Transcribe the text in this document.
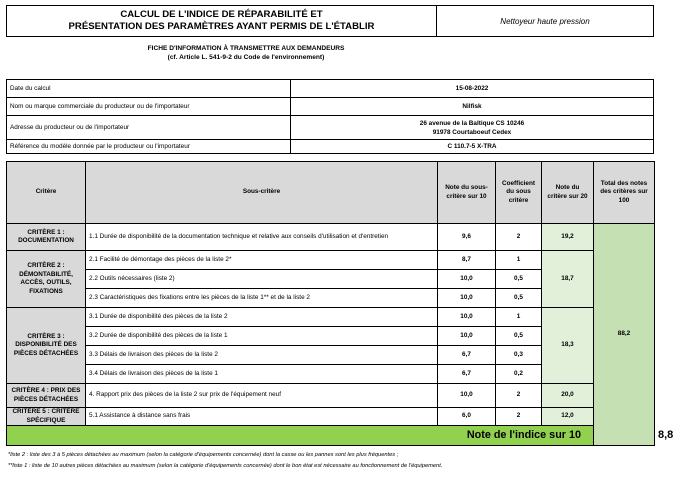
CALCUL DE L'INDICE DE RÉPARABILITÉ ET
PRÉSENTATION DES PARAMÈTRES AYANT PERMIS DE L'ÉTABLIR	Nettoyeur haute pression
FICHE D'INFORMATION À TRANSMETTRE AUX DEMANDEURS
(cf. Article L. 541-9-2 du Code de l'environnement)
Date du calcul	15-08-2022
Nom ou marque commerciale du producteur ou de l'importateur	Nilfisk
Adresse du producteur ou de l'importateur	26 avenue de la Baltique CS 10246
91978 Courtaboeuf Cedex

Référence du modèle donnée par le producteur ou l'importateur	C 110.7-5 X-TRA
Critère	Sous-critère	Note du sous-critère sur 10	Coefficient du sous critère	Note du critère sur 20	Total des notes des critères sur 100	
CRITÈRE 1 : DOCUMENTATION	1.1 Durée de disponibilité de la documentation technique et relative aux conseils d'utilisation et d'entretien	9,6	2	19,2	88,2	
CRITÈRE 2 : DÉMONTABILITÉ, ACCÈS, OUTILS, FIXATIONS	2.1 Facilité de démontage des pièces de la liste 2*	8,7	1	18,7		
	2.2 Outils nécessaires (liste 2)	10,0	0,5			
	2.3 Caractéristiques des fixations entre les pièces de la liste 1** et de la liste 2	10,0	0,5			
CRITÈRE 3 : DISPONIBILITÉ DES PIÈCES DÉTACHÉES	3.1 Durée de disponibilité des pièces de la liste 2	10,0	1	18,3		
	3.2 Durée de disponibilité des pièces de la liste 1	10,0	0,5			
	3.3 Délais de livraison des pièces de la liste 2	6,7	0,3			
	3.4 Délais de livraison des pièces de la liste 1	6,7	0,2			
CRITÈRE 4 : PRIX DES PIÈCES DÉTACHÉES	4. Rapport prix des pièces de la liste 2 sur prix de l'équipement neuf	10,0	2	20,0		
CRITÈRE 5 : CRITÈRE SPÉCIFIQUE	5.1 Assistance à distance sans frais	6,0	2	12,0		
Note de l'indice sur 10						8,8
*liste 2 : liste des 3 à 5 pièces détachées au maximum (selon la catégorie d'équipements concernée) dont la casse ou les pannes sont les plus fréquentes ;
**liste 1 : liste de 10 autres pièces détachées au maximum (selon la catégorie d'équipements concernée) dont le bon état est nécessaire au fonctionnement de l'équipement.
